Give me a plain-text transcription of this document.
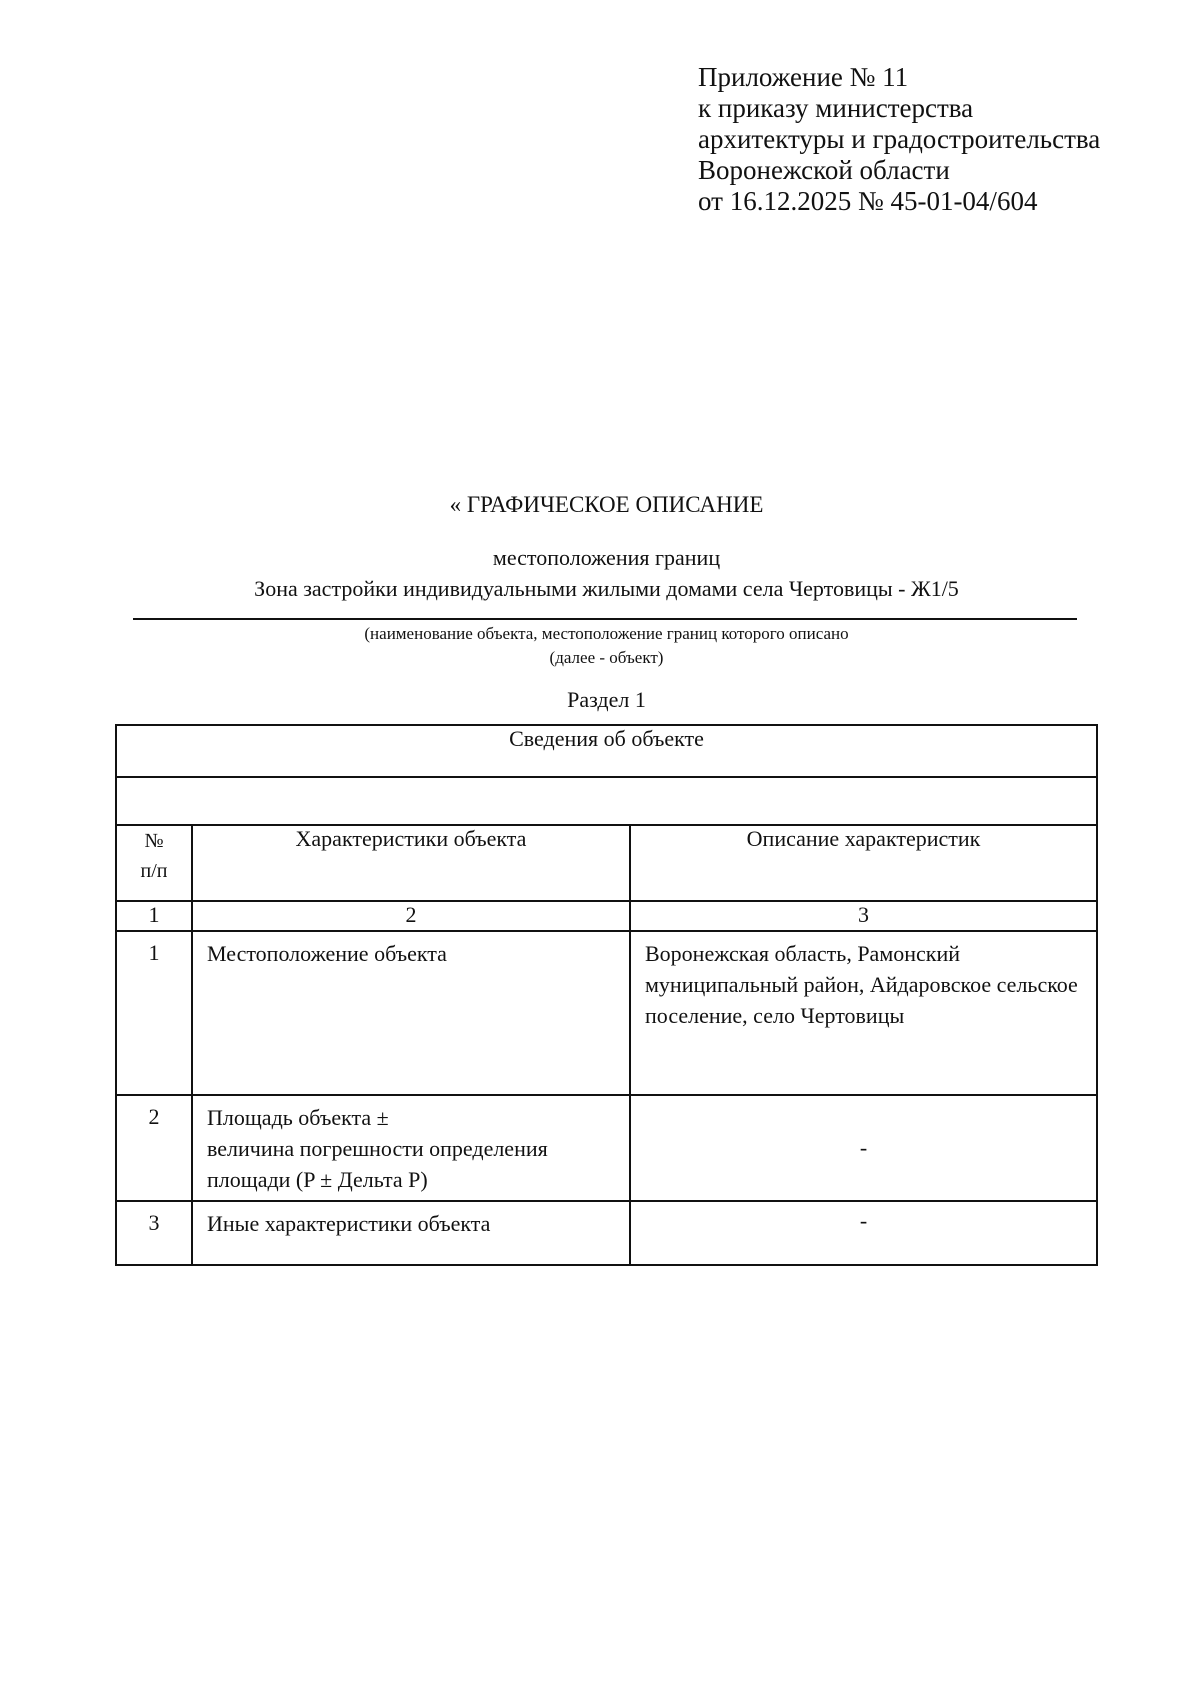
Приложение № 11
к приказу министерства
архитектуры и градостроительства
Воронежской области
от 16.12.2025 № 45-01-04/604
« ГРАФИЧЕСКОЕ ОПИСАНИЕ
местоположения границ
Зона застройки индивидуальными жилыми домами села Чертовицы - Ж1/5
(наименование объекта, местоположение границ которого описано
(далее - объект)
Раздел 1
Сведения об объекте		

№
п/п	Характеристики объекта	Описание характеристик
1	2	3
1	Местоположение объекта	Воронежская область, Рамонский муниципальный район, Айдаровское сельское поселение, село Чертовицы
2	Площадь объекта ±
величина погрешности определения
площади (P ± Дельта P)	-
3	Иные характеристики объекта	-
